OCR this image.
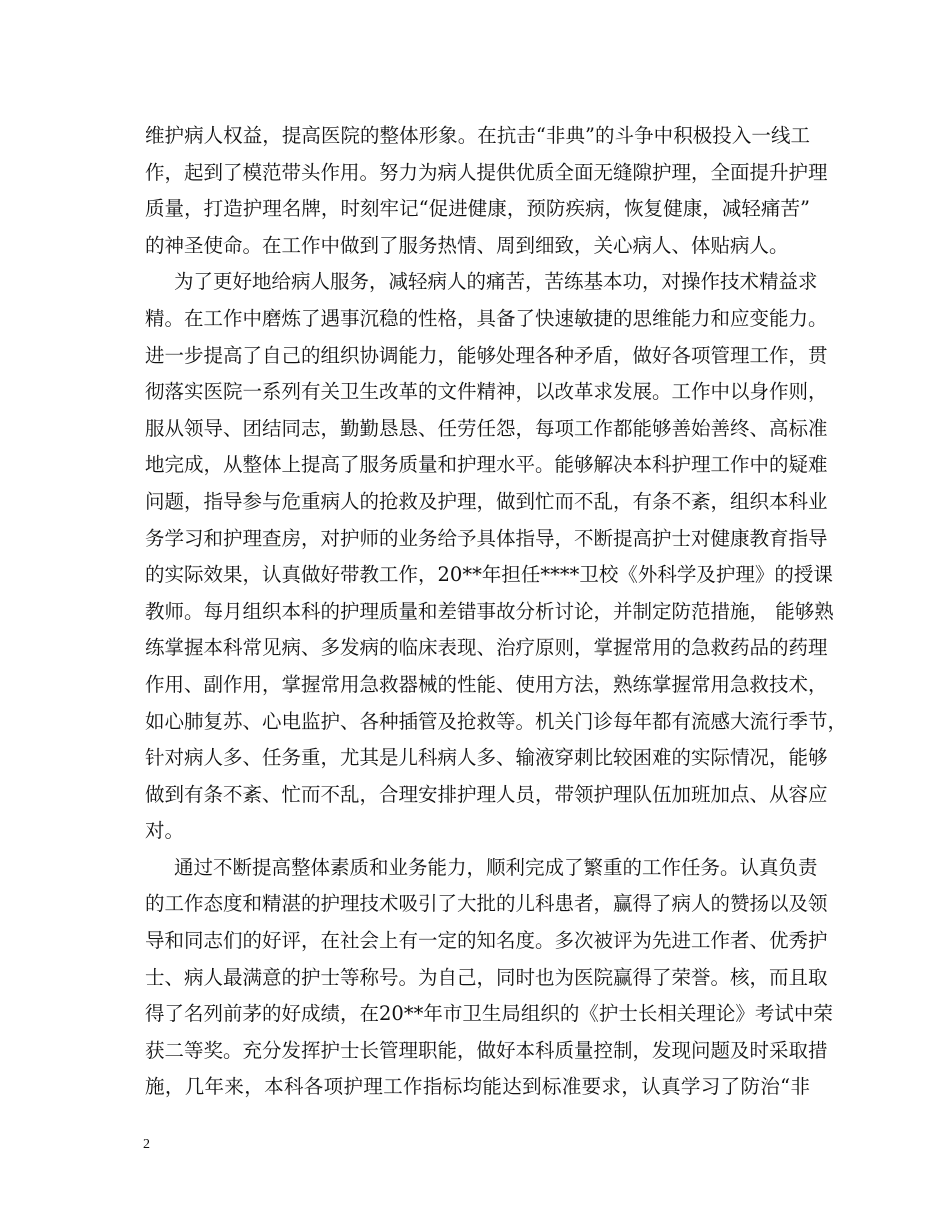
维护病人权益，提高医院的整体形象。在抗击“非典”的斗争中积极投入一线工
作，起到了模范带头作用。努力为病人提供优质全面无缝隙护理，全面提升护理
质量，打造护理名牌，时刻牢记“促进健康，预防疾病，恢复健康，减轻痛苦”
的神圣使命。在工作中做到了服务热情、周到细致，关心病人、体贴病人。
为了更好地给病人服务，减轻病人的痛苦，苦练基本功，对操作技术精益求
精。在工作中磨炼了遇事沉稳的性格，具备了快速敏捷的思维能力和应变能力。
进一步提高了自己的组织协调能力，能够处理各种矛盾，做好各项管理工作，贯
彻落实医院一系列有关卫生改革的文件精神，以改革求发展。工作中以身作则，
服从领导、团结同志，勤勤恳恳、任劳任怨，每项工作都能够善始善终、高标准
地完成，从整体上提高了服务质量和护理水平。能够解决本科护理工作中的疑难
问题，指导参与危重病人的抢救及护理，做到忙而不乱，有条不紊，组织本科业
务学习和护理查房，对护师的业务给予具体指导，不断提高护士对健康教育指导
的实际效果，认真做好带教工作，20**年担任****卫校《外科学及护理》的授课
教师。每月组织本科的护理质量和差错事故分析讨论，并制定防范措施， 能够熟
练掌握本科常见病、多发病的临床表现、治疗原则，掌握常用的急救药品的药理
作用、副作用，掌握常用急救器械的性能、使用方法，熟练掌握常用急救技术，
如心肺复苏、心电监护、各种插管及抢救等。机关门诊每年都有流感大流行季节，
针对病人多、任务重，尤其是儿科病人多、输液穿刺比较困难的实际情况，能够
做到有条不紊、忙而不乱，合理安排护理人员，带领护理队伍加班加点、从容应
对。
通过不断提高整体素质和业务能力，顺利完成了繁重的工作任务。认真负责
的工作态度和精湛的护理技术吸引了大批的儿科患者，赢得了病人的赞扬以及领
导和同志们的好评，在社会上有一定的知名度。多次被评为先进工作者、优秀护
士、病人最满意的护士等称号。为自己，同时也为医院赢得了荣誉。核，而且取
得了名列前茅的好成绩，在20**年市卫生局组织的《护士长相关理论》考试中荣
获二等奖。充分发挥护士长管理职能，做好本科质量控制，发现问题及时采取措
施，几年来，本科各项护理工作指标均能达到标准要求，认真学习了防治“非
2
